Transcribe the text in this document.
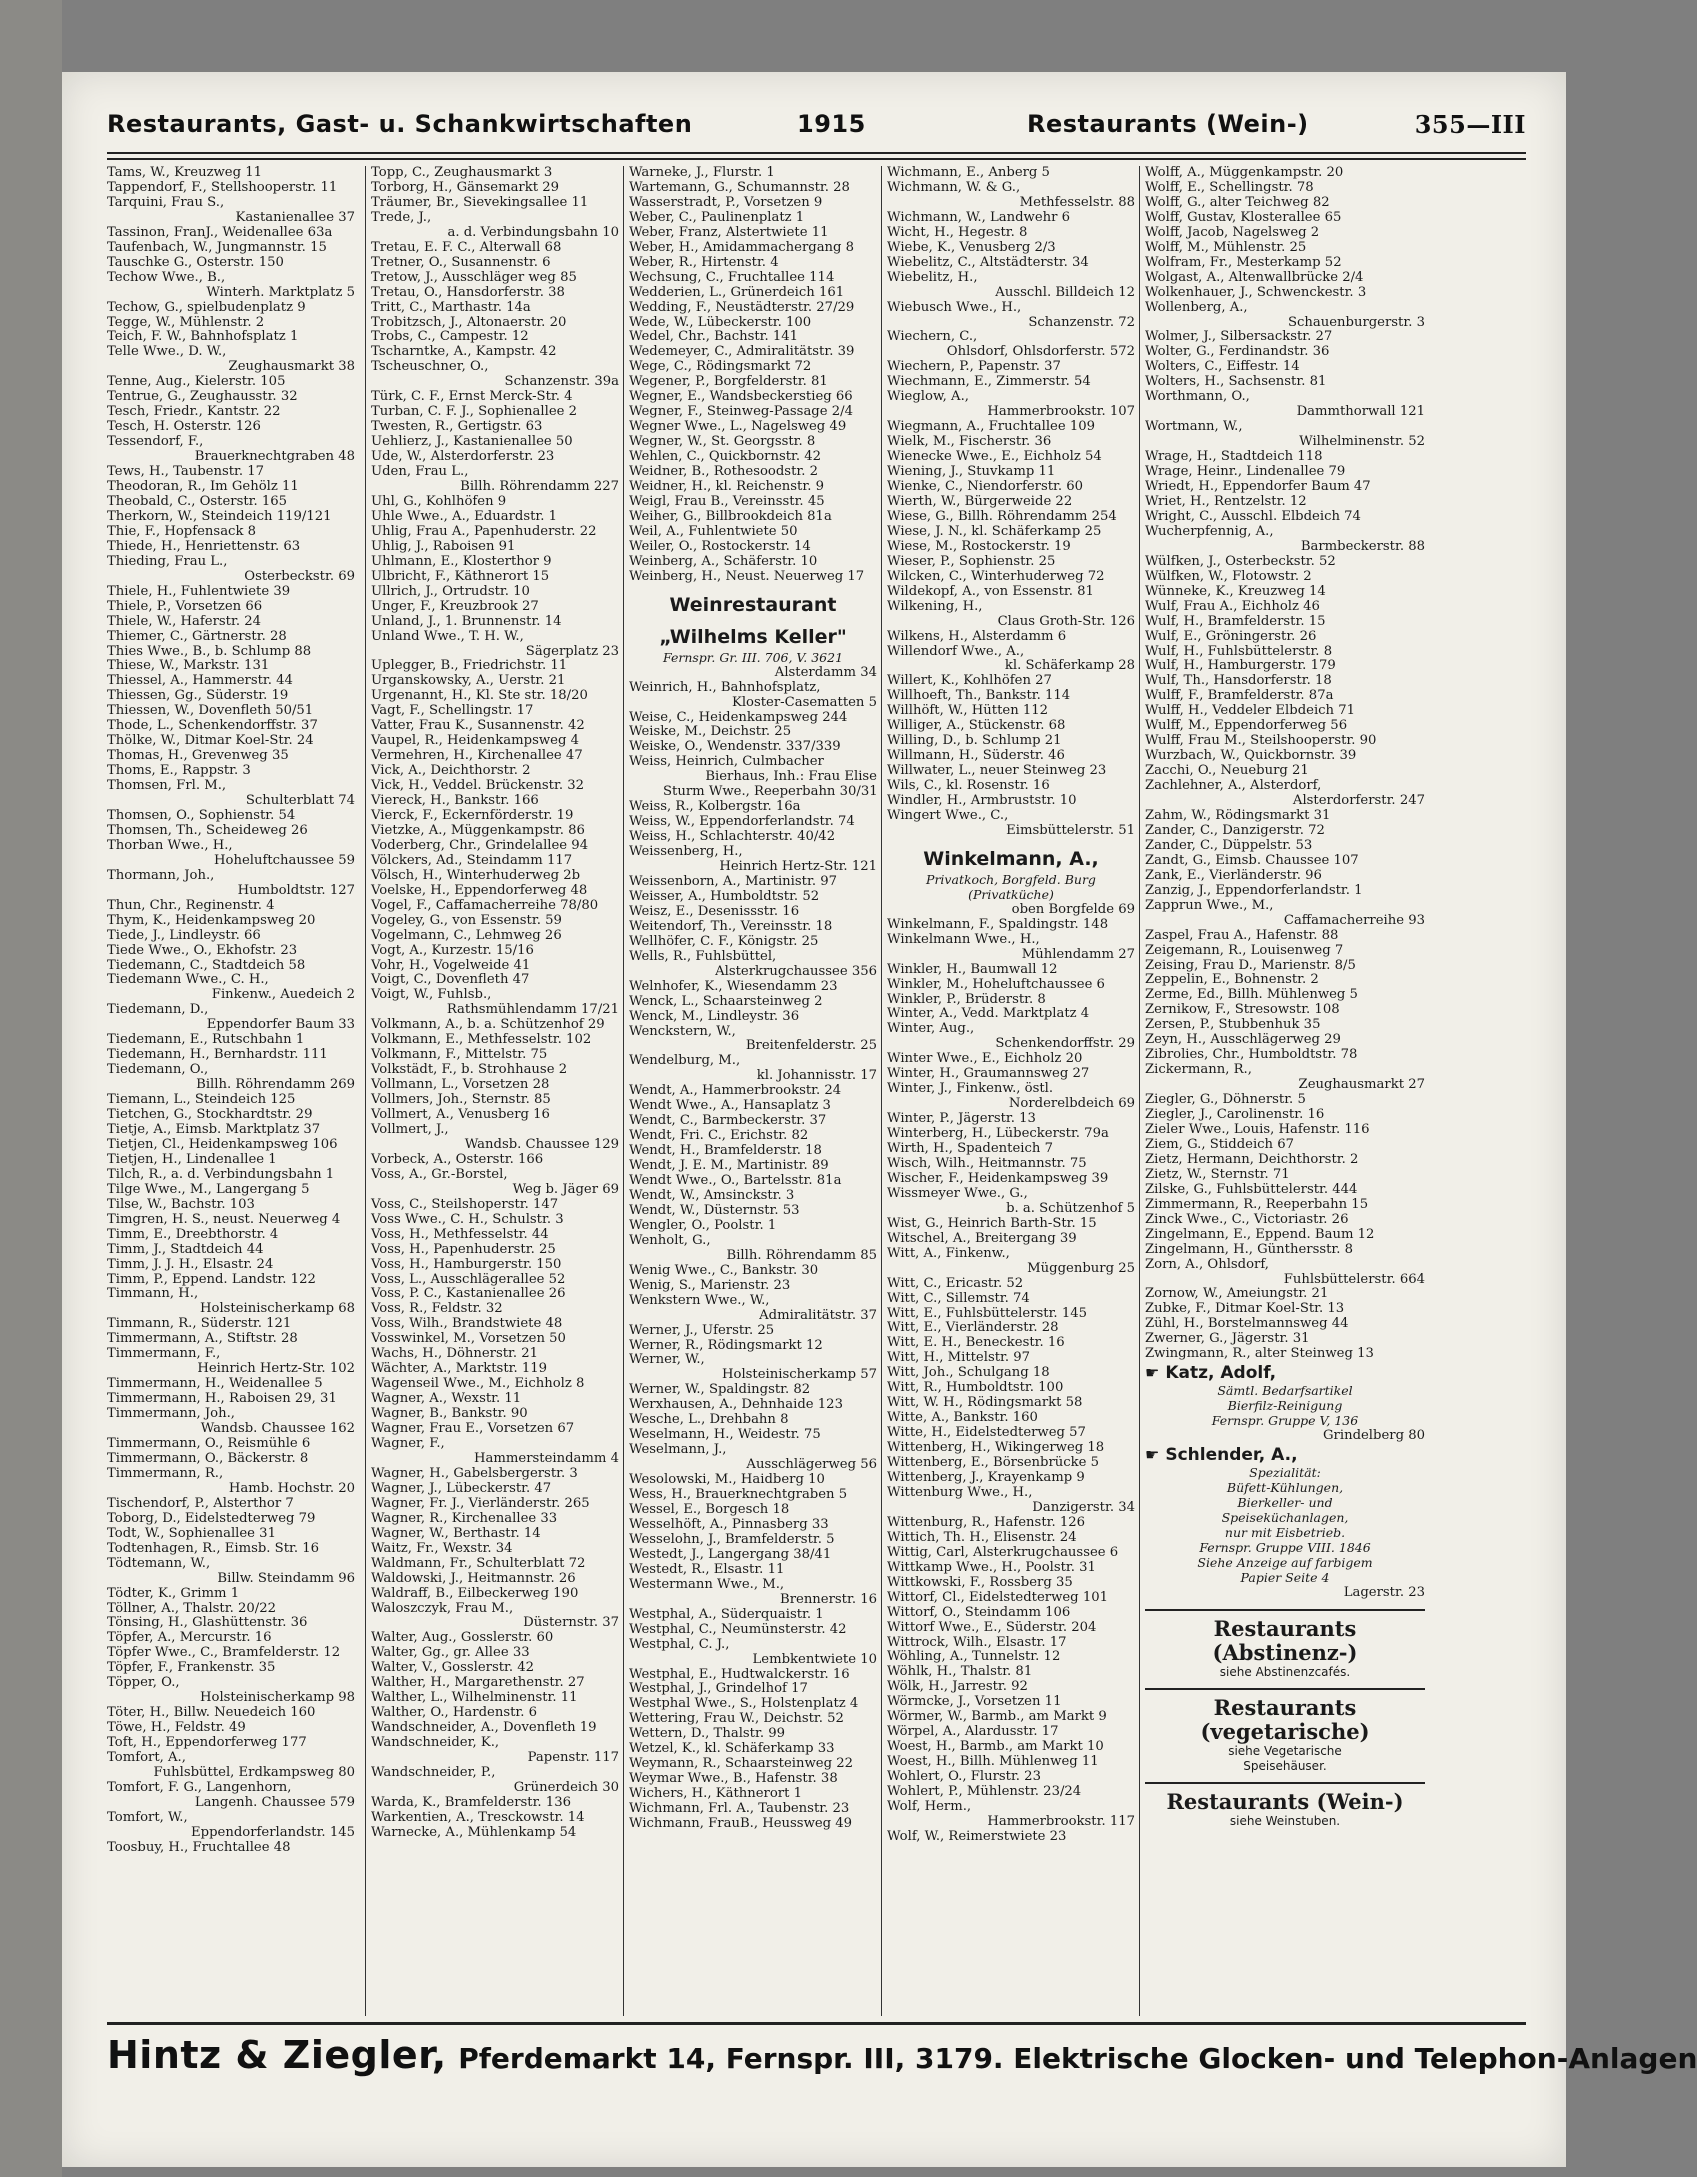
Restaurants, Gast- u. Schankwirtschaften	1915	Restaurants (Wein-)	355—III
Tams, W., Kreuzweg 11
Tappendorf, F., Stellshooperstr. 11
Tarquini, Frau S.,
Kastanienallee 37
Tassinon, FranJ., Weidenallee 63a
Taufenbach, W., Jungmannstr. 15
Tauschke G., Osterstr. 150
Techow Wwe., B.,
Winterh. Marktplatz 5
Techow, G., spielbudenplatz 9
Tegge, W., Mühlenstr. 2
Teich, F. W., Bahnhofsplatz 1
Telle Wwe., D. W.,
Zeughausmarkt 38
Tenne, Aug., Kielerstr. 105
Tentrue, G., Zeughausstr. 32
Tesch, Friedr., Kantstr. 22
Tesch, H. Osterstr. 126
Tessendorf, F.,
Brauerknechtgraben 48
Tews, H., Taubenstr. 17
Theodoran, R., Im Gehölz 11
Theobald, C., Osterstr. 165
Therkorn, W., Steindeich 119/121
Thie, F., Hopfensack 8
Thiede, H., Henriettenstr. 63
Thieding, Frau L.,
Osterbeckstr. 69
Thiele, H., Fuhlentwiete 39
Thiele, P., Vorsetzen 66
Thiele, W., Haferstr. 24
Thiemer, C., Gärtnerstr. 28
Thies Wwe., B., b. Schlump 88
Thiese, W., Markstr. 131
Thiessel, A., Hammerstr. 44
Thiessen, Gg., Süderstr. 19
Thiessen, W., Dovenfleth 50/51
Thode, L., Schenkendorffstr. 37
Thölke, W., Ditmar Koel-Str. 24
Thomas, H., Grevenweg 35
Thoms, E., Rappstr. 3
Thomsen, Frl. M.,
Schulterblatt 74
Thomsen, O., Sophienstr. 54
Thomsen, Th., Scheideweg 26
Thorban Wwe., H.,
Hoheluftchaussee 59
Thormann, Joh.,
Humboldtstr. 127
Thun, Chr., Reginenstr. 4
Thym, K., Heidenkampsweg 20
Tiede, J., Lindleystr. 66
Tiede Wwe., O., Ekhofstr. 23
Tiedemann, C., Stadtdeich 58
Tiedemann Wwe., C. H.,
Finkenw., Auedeich 2
Tiedemann, D.,
Eppendorfer Baum 33
Tiedemann, E., Rutschbahn 1
Tiedemann, H., Bernhardstr. 111
Tiedemann, O.,
Billh. Röhrendamm 269
Tiemann, L., Steindeich 125
Tietchen, G., Stockhardtstr. 29
Tietje, A., Eimsb. Marktplatz 37
Tietjen, Cl., Heidenkampsweg 106
Tietjen, H., Lindenallee 1
Tilch, R., a. d. Verbindungsbahn 1
Tilge Wwe., M., Langergang 5
Tilse, W., Bachstr. 103
Timgren, H. S., neust. Neuerweg 4
Timm, E., Dreebthorstr. 4
Timm, J., Stadtdeich 44
Timm, J. J. H., Elsastr. 24
Timm, P., Eppend. Landstr. 122
Timmann, H.,
Holsteinischerkamp 68
Timmann, R., Süderstr. 121
Timmermann, A., Stiftstr. 28
Timmermann, F.,
Heinrich Hertz-Str. 102
Timmermann, H., Weidenallee 5
Timmermann, H., Raboisen 29, 31
Timmermann, Joh.,
Wandsb. Chaussee 162
Timmermann, O., Reismühle 6
Timmermann, O., Bäckerstr. 8
Timmermann, R.,
Hamb. Hochstr. 20
Tischendorf, P., Alsterthor 7
Toborg, D., Eidelstedterweg 79
Todt, W., Sophienallee 31
Todtenhagen, R., Eimsb. Str. 16
Tödtemann, W.,
Billw. Steindamm 96
Tödter, K., Grimm 1
Töllner, A., Thalstr. 20/22
Tönsing, H., Glashüttenstr. 36
Töpfer, A., Mercurstr. 16
Töpfer Wwe., C., Bramfelderstr. 12
Töpfer, F., Frankenstr. 35
Töpper, O.,
Holsteinischerkamp 98
Töter, H., Billw. Neuedeich 160
Töwe, H., Feldstr. 49
Toft, H., Eppendorferweg 177
Tomfort, A.,
Fuhlsbüttel, Erdkampsweg 80
Tomfort, F. G., Langenhorn,
Langenh. Chaussee 579
Tomfort, W.,
Eppendorferlandstr. 145
Toosbuy, H., Fruchtallee 48
Topp, C., Zeughausmarkt 3
Torborg, H., Gänsemarkt 29
Träumer, Br., Sievekingsallee 11
Trede, J.,
a. d. Verbindungsbahn 10
Tretau, E. F. C., Alterwall 68
Tretner, O., Susannenstr. 6
Tretow, J., Ausschläger weg 85
Tretau, O., Hansdorferstr. 38
Tritt, C., Marthastr. 14a
Trobitzsch, J., Altonaerstr. 20
Trobs, C., Campestr. 12
Tscharntke, A., Kampstr. 42
Tscheuschner, O.,
Schanzenstr. 39a
Türk, C. F., Ernst Merck-Str. 4
Turban, C. F. J., Sophienallee 2
Twesten, R., Gertigstr. 63
Uehlierz, J., Kastanienallee 50
Ude, W., Alsterdorferstr. 23
Uden, Frau L.,
Billh. Röhrendamm 227
Uhl, G., Kohlhöfen 9
Uhle Wwe., A., Eduardstr. 1
Uhlig, Frau A., Papenhuderstr. 22
Uhlig, J., Raboisen 91
Uhlmann, E., Klosterthor 9
Ulbricht, F., Käthnerort 15
Ullrich, J., Ortrudstr. 10
Unger, F., Kreuzbrook 27
Unland, J., 1. Brunnenstr. 14
Unland Wwe., T. H. W.,
Sägerplatz 23
Uplegger, B., Friedrichstr. 11
Urganskowsky, A., Uerstr. 21
Urgenannt, H., Kl. Ste str. 18/20
Vagt, F., Schellingstr. 17
Vatter, Frau K., Susannenstr. 42
Vaupel, R., Heidenkampsweg 4
Vermehren, H., Kirchenallee 47
Vick, A., Deichthorstr. 2
Vick, H., Veddel. Brückenstr. 32
Viereck, H., Bankstr. 166
Vierck, F., Eckernförderstr. 19
Vietzke, A., Müggenkampstr. 86
Voderberg, Chr., Grindelallee 94
Völckers, Ad., Steindamm 117
Völsch, H., Winterhuderweg 2b
Voelske, H., Eppendorferweg 48
Vogel, F., Caffamacherreihe 78/80
Vogeley, G., von Essenstr. 59
Vogelmann, C., Lehmweg 26
Vogt, A., Kurzestr. 15/16
Vohr, H., Vogelweide 41
Voigt, C., Dovenfleth 47
Voigt, W., Fuhlsb.,
Rathsmühlendamm 17/21
Volkmann, A., b. a. Schützenhof 29
Volkmann, E., Methfesselstr. 102
Volkmann, F., Mittelstr. 75
Volkstädt, F., b. Strohhause 2
Vollmann, L., Vorsetzen 28
Vollmers, Joh., Sternstr. 85
Vollmert, A., Venusberg 16
Vollmert, J.,
Wandsb. Chaussee 129
Vorbeck, A., Osterstr. 166
Voss, A., Gr.-Borstel,
Weg b. Jäger 69
Voss, C., Steilshoperstr. 147
Voss Wwe., C. H., Schulstr. 3
Voss, H., Methfesselstr. 44
Voss, H., Papenhuderstr. 25
Voss, H., Hamburgerstr. 150
Voss, L., Ausschlägerallee 52
Voss, P. C., Kastanienallee 26
Voss, R., Feldstr. 32
Voss, Wilh., Brandstwiete 48
Vosswinkel, M., Vorsetzen 50
Wachs, H., Döhnerstr. 21
Wächter, A., Marktstr. 119
Wagenseil Wwe., M., Eichholz 8
Wagner, A., Wexstr. 11
Wagner, B., Bankstr. 90
Wagner, Frau E., Vorsetzen 67
Wagner, F.,
Hammersteindamm 4
Wagner, H., Gabelsbergerstr. 3
Wagner, J., Lübeckerstr. 47
Wagner, Fr. J., Vierländerstr. 265
Wagner, R., Kirchenallee 33
Wagner, W., Berthastr. 14
Waitz, Fr., Wexstr. 34
Waldmann, Fr., Schulterblatt 72
Waldowski, J., Heitmannstr. 26
Waldraff, B., Eilbeckerweg 190
Waloszczyk, Frau M.,
Düsternstr. 37
Walter, Aug., Gosslerstr. 60
Walter, Gg., gr. Allee 33
Walter, V., Gosslerstr. 42
Walther, H., Margarethenstr. 27
Walther, L., Wilhelminenstr. 11
Walther, O., Hardenstr. 6
Wandschneider, A., Dovenfleth 19
Wandschneider, K.,
Papenstr. 117
Wandschneider, P.,
Grünerdeich 30
Warda, K., Bramfelderstr. 136
Warkentien, A., Tresckowstr. 14
Warnecke, A., Mühlenkamp 54
Warneke, J., Flurstr. 1
Wartemann, G., Schumannstr. 28
Wasserstradt, P., Vorsetzen 9
Weber, C., Paulinenplatz 1
Weber, Franz, Alstertwiete 11
Weber, H., Amidammachergang 8
Weber, R., Hirtenstr. 4
Wechsung, C., Fruchtallee 114
Wedderien, L., Grünerdeich 161
Wedding, F., Neustädterstr. 27/29
Wede, W., Lübeckerstr. 100
Wedel, Chr., Bachstr. 141
Wedemeyer, C., Admiralitätstr. 39
Wege, C., Rödingsmarkt 72
Wegener, P., Borgfelderstr. 81
Wegner, E., Wandsbeckerstieg 66
Wegner, F., Steinweg-Passage 2/4
Wegner Wwe., L., Nagelsweg 49
Wegner, W., St. Georgsstr. 8
Wehlen, C., Quickbornstr. 42
Weidner, B., Rothesoodstr. 2
Weidner, H., kl. Reichenstr. 9
Weigl, Frau B., Vereinsstr. 45
Weiher, G., Billbrookdeich 81a
Weil, A., Fuhlentwiete 50
Weiler, O., Rostockerstr. 14
Weinberg, A., Schäferstr. 10
Weinberg, H., Neust. Neuerweg 17
Weinrestaurant
„Wilhelms Keller"
Fernspr. Gr. III. 706, V. 3621
Alsterdamm 34
Weinrich, H., Bahnhofsplatz,
Kloster-Casematten 5
Weise, C., Heidenkampsweg 244
Weiske, M., Deichstr. 25
Weiske, O., Wendenstr. 337/339
Weiss, Heinrich, Culmbacher
Bierhaus, Inh.: Frau Elise
Sturm Wwe., Reeperbahn 30/31
Weiss, R., Kolbergstr. 16a
Weiss, W., Eppendorferlandstr. 74
Weiss, H., Schlachterstr. 40/42
Weissenberg, H.,
Heinrich Hertz-Str. 121
Weissenborn, A., Martinistr. 97
Weisser, A., Humboldtstr. 52
Weisz, E., Desenissstr. 16
Weitendorf, Th., Vereinsstr. 18
Wellhöfer, C. F., Königstr. 25
Wells, R., Fuhlsbüttel,
Alsterkrugchaussee 356
Welnhofer, K., Wiesendamm 23
Wenck, L., Schaarsteinweg 2
Wenck, M., Lindleystr. 36
Wenckstern, W.,
Breitenfelderstr. 25
Wendelburg, M.,
kl. Johannisstr. 17
Wendt, A., Hammerbrookstr. 24
Wendt Wwe., A., Hansaplatz 3
Wendt, C., Barmbeckerstr. 37
Wendt, Fri. C., Erichstr. 82
Wendt, H., Bramfelderstr. 18
Wendt, J. E. M., Martinistr. 89
Wendt Wwe., O., Bartelsstr. 81a
Wendt, W., Amsinckstr. 3
Wendt, W., Düsternstr. 53
Wengler, O., Poolstr. 1
Wenholt, G.,
Billh. Röhrendamm 85
Wenig Wwe., C., Bankstr. 30
Wenig, S., Marienstr. 23
Wenkstern Wwe., W.,
Admiralitätstr. 37
Werner, J., Uferstr. 25
Werner, R., Rödingsmarkt 12
Werner, W.,
Holsteinischerkamp 57
Werner, W., Spaldingstr. 82
Werxhausen, A., Dehnhaide 123
Wesche, L., Drehbahn 8
Weselmann, H., Weidestr. 75
Weselmann, J.,
Ausschlägerweg 56
Wesolowski, M., Haidberg 10
Wess, H., Brauerknechtgraben 5
Wessel, E., Borgesch 18
Wesselhöft, A., Pinnasberg 33
Wesselohn, J., Bramfelderstr. 5
Westedt, J., Langergang 38/41
Westedt, R., Elsastr. 11
Westermann Wwe., M.,
Brennerstr. 16
Westphal, A., Süderquaistr. 1
Westphal, C., Neumünsterstr. 42
Westphal, C. J.,
Lembkentwiete 10
Westphal, E., Hudtwalckerstr. 16
Westphal, J., Grindelhof 17
Westphal Wwe., S., Holstenplatz 4
Wettering, Frau W., Deichstr. 52
Wettern, D., Thalstr. 99
Wetzel, K., kl. Schäferkamp 33
Weymann, R., Schaarsteinweg 22
Weymar Wwe., B., Hafenstr. 38
Wichers, H., Käthnerort 1
Wichmann, Frl. A., Taubenstr. 23
Wichmann, FrauB., Heussweg 49
Wichmann, E., Anberg 5
Wichmann, W. & G.,
Methfesselstr. 88
Wichmann, W., Landwehr 6
Wicht, H., Hegestr. 8
Wiebe, K., Venusberg 2/3
Wiebelitz, C., Altstädterstr. 34
Wiebelitz, H.,
Ausschl. Billdeich 12
Wiebusch Wwe., H.,
Schanzenstr. 72
Wiechern, C.,
Ohlsdorf, Ohlsdorferstr. 572
Wiechern, P., Papenstr. 37
Wiechmann, E., Zimmerstr. 54
Wieglow, A.,
Hammerbrookstr. 107
Wiegmann, A., Fruchtallee 109
Wielk, M., Fischerstr. 36
Wienecke Wwe., E., Eichholz 54
Wiening, J., Stuvkamp 11
Wienke, C., Niendorferstr. 60
Wierth, W., Bürgerweide 22
Wiese, G., Billh. Röhrendamm 254
Wiese, J. N., kl. Schäferkamp 25
Wiese, M., Rostockerstr. 19
Wieser, P., Sophienstr. 25
Wilcken, C., Winterhuderweg 72
Wildekopf, A., von Essenstr. 81
Wilkening, H.,
Claus Groth-Str. 126
Wilkens, H., Alsterdamm 6
Willendorf Wwe., A.,
kl. Schäferkamp 28
Willert, K., Kohlhöfen 27
Willhoeft, Th., Bankstr. 114
Willhöft, W., Hütten 112
Williger, A., Stückenstr. 68
Willing, D., b. Schlump 21
Willmann, H., Süderstr. 46
Willwater, L., neuer Steinweg 23
Wils, C., kl. Rosenstr. 16
Windler, H., Armbruststr. 10
Wingert Wwe., C.,
Eimsbüttelerstr. 51
Winkelmann, A.,
Privatkoch, Borgfeld. Burg
(Privatküche)
oben Borgfelde 69
Winkelmann, F., Spaldingstr. 148
Winkelmann Wwe., H.,
Mühlendamm 27
Winkler, H., Baumwall 12
Winkler, M., Hoheluftchaussee 6
Winkler, P., Brüderstr. 8
Winter, A., Vedd. Marktplatz 4
Winter, Aug.,
Schenkendorffstr. 29
Winter Wwe., E., Eichholz 20
Winter, H., Graumannsweg 27
Winter, J., Finkenw., östl.
Norderelbdeich 69
Winter, P., Jägerstr. 13
Winterberg, H., Lübeckerstr. 79a
Wirth, H., Spadenteich 7
Wisch, Wilh., Heitmannstr. 75
Wischer, F., Heidenkampsweg 39
Wissmeyer Wwe., G.,
b. a. Schützenhof 5
Wist, G., Heinrich Barth-Str. 15
Witschel, A., Breitergang 39
Witt, A., Finkenw.,
Müggenburg 25
Witt, C., Ericastr. 52
Witt, C., Sillemstr. 74
Witt, E., Fuhlsbüttelerstr. 145
Witt, E., Vierländerstr. 28
Witt, E. H., Beneckestr. 16
Witt, H., Mittelstr. 97
Witt, Joh., Schulgang 18
Witt, R., Humboldtstr. 100
Witt, W. H., Rödingsmarkt 58
Witte, A., Bankstr. 160
Witte, H., Eidelstedterweg 57
Wittenberg, H., Wikingerweg 18
Wittenberg, E., Börsenbrücke 5
Wittenberg, J., Krayenkamp 9
Wittenburg Wwe., H.,
Danzigerstr. 34
Wittenburg, R., Hafenstr. 126
Wittich, Th. H., Elisenstr. 24
Wittig, Carl, Alsterkrugchaussee 6
Wittkamp Wwe., H., Poolstr. 31
Wittkowski, F., Rossberg 35
Wittorf, Cl., Eidelstedterweg 101
Wittorf, O., Steindamm 106
Wittorf Wwe., E., Süderstr. 204
Wittrock, Wilh., Elsastr. 17
Wöhling, A., Tunnelstr. 12
Wöhlk, H., Thalstr. 81
Wölk, H., Jarrestr. 92
Wörmcke, J., Vorsetzen 11
Wörmer, W., Barmb., am Markt 9
Wörpel, A., Alardusstr. 17
Woest, H., Barmb., am Markt 10
Woest, H., Billh. Mühlenweg 11
Wohlert, O., Flurstr. 23
Wohlert, P., Mühlenstr. 23/24
Wolf, Herm.,
Hammerbrookstr. 117
Wolf, W., Reimerstwiete 23
Wolff, A., Müggenkampstr. 20
Wolff, E., Schellingstr. 78
Wolff, G., alter Teichweg 82
Wolff, Gustav, Klosterallee 65
Wolff, Jacob, Nagelsweg 2
Wolff, M., Mühlenstr. 25
Wolfram, Fr., Mesterkamp 52
Wolgast, A., Altenwallbrücke 2/4
Wolkenhauer, J., Schwenckestr. 3
Wollenberg, A.,
Schauenburgerstr. 3
Wolmer, J., Silbersackstr. 27
Wolter, G., Ferdinandstr. 36
Wolters, C., Eiffestr. 14
Wolters, H., Sachsenstr. 81
Worthmann, O.,
Dammthorwall 121
Wortmann, W.,
Wilhelminenstr. 52
Wrage, H., Stadtdeich 118
Wrage, Heinr., Lindenallee 79
Wriedt, H., Eppendorfer Baum 47
Wriet, H., Rentzelstr. 12
Wright, C., Ausschl. Elbdeich 74
Wucherpfennig, A.,
Barmbeckerstr. 88
Wülfken, J., Osterbeckstr. 52
Wülfken, W., Flotowstr. 2
Wünneke, K., Kreuzweg 14
Wulf, Frau A., Eichholz 46
Wulf, H., Bramfelderstr. 15
Wulf, E., Gröningerstr. 26
Wulf, H., Fuhlsbüttelerstr. 8
Wulf, H., Hamburgerstr. 179
Wulf, Th., Hansdorferstr. 18
Wulff, F., Bramfelderstr. 87a
Wulff, H., Veddeler Elbdeich 71
Wulff, M., Eppendorferweg 56
Wulff, Frau M., Steilshooperstr. 90
Wurzbach, W., Quickbornstr. 39
Zacchi, O., Neueburg 21
Zachlehner, A., Alsterdorf,
Alsterdorferstr. 247
Zahm, W., Rödingsmarkt 31
Zander, C., Danzigerstr. 72
Zander, C., Düppelstr. 53
Zandt, G., Eimsb. Chaussee 107
Zank, E., Vierländerstr. 96
Zanzig, J., Eppendorferlandstr. 1
Zapprun Wwe., M.,
Caffamacherreihe 93
Zaspel, Frau A., Hafenstr. 88
Zeigemann, R., Louisenweg 7
Zeising, Frau D., Marienstr. 8/5
Zeppelin, E., Bohnenstr. 2
Zerme, Ed., Billh. Mühlenweg 5
Zernikow, F., Stresowstr. 108
Zersen, P., Stubbenhuk 35
Zeyn, H., Ausschlägerweg 29
Zibrolies, Chr., Humboldtstr. 78
Zickermann, R.,
Zeughausmarkt 27
Ziegler, G., Döhnerstr. 5
Ziegler, J., Carolinenstr. 16
Zieler Wwe., Louis, Hafenstr. 116
Ziem, G., Stiddeich 67
Zietz, Hermann, Deichthorstr. 2
Zietz, W., Sternstr. 71
Zilske, G., Fuhlsbüttelerstr. 444
Zimmermann, R., Reeperbahn 15
Zinck Wwe., C., Victoriastr. 26
Zingelmann, E., Eppend. Baum 12
Zingelmann, H., Günthersstr. 8
Zorn, A., Ohlsdorf,
Fuhlsbüttelerstr. 664
Zornow, W., Ameiungstr. 21
Zubke, F., Ditmar Koel-Str. 13
Zühl, H., Borstelmannsweg 44
Zwerner, G., Jägerstr. 31
Zwingmann, R., alter Steinweg 13
☛ Katz, Adolf,
Sämtl. Bedarfsartikel
Bierfilz-Reinigung
Fernspr. Gruppe V, 136
Grindelberg 80
☛ Schlender, A.,
Spezialität:
Büfett-Kühlungen,
Bierkeller- und
Speiseküchanlagen,
nur mit Eisbetrieb.
Fernspr. Gruppe VIII. 1846
Siehe Anzeige auf farbigem
Papier Seite 4
Lagerstr. 23
Restaurants
(Abstinenz-)
siehe Abstinenzcafés.
Restaurants
(vegetarische)
siehe Vegetarische
Speisehäuser.
Restaurants (Wein-)
siehe Weinstuben.
Hintz & Ziegler, Pferdemarkt 14, Fernspr. III, 3179. Elektrische Glocken- und Telephon-Anlagen
